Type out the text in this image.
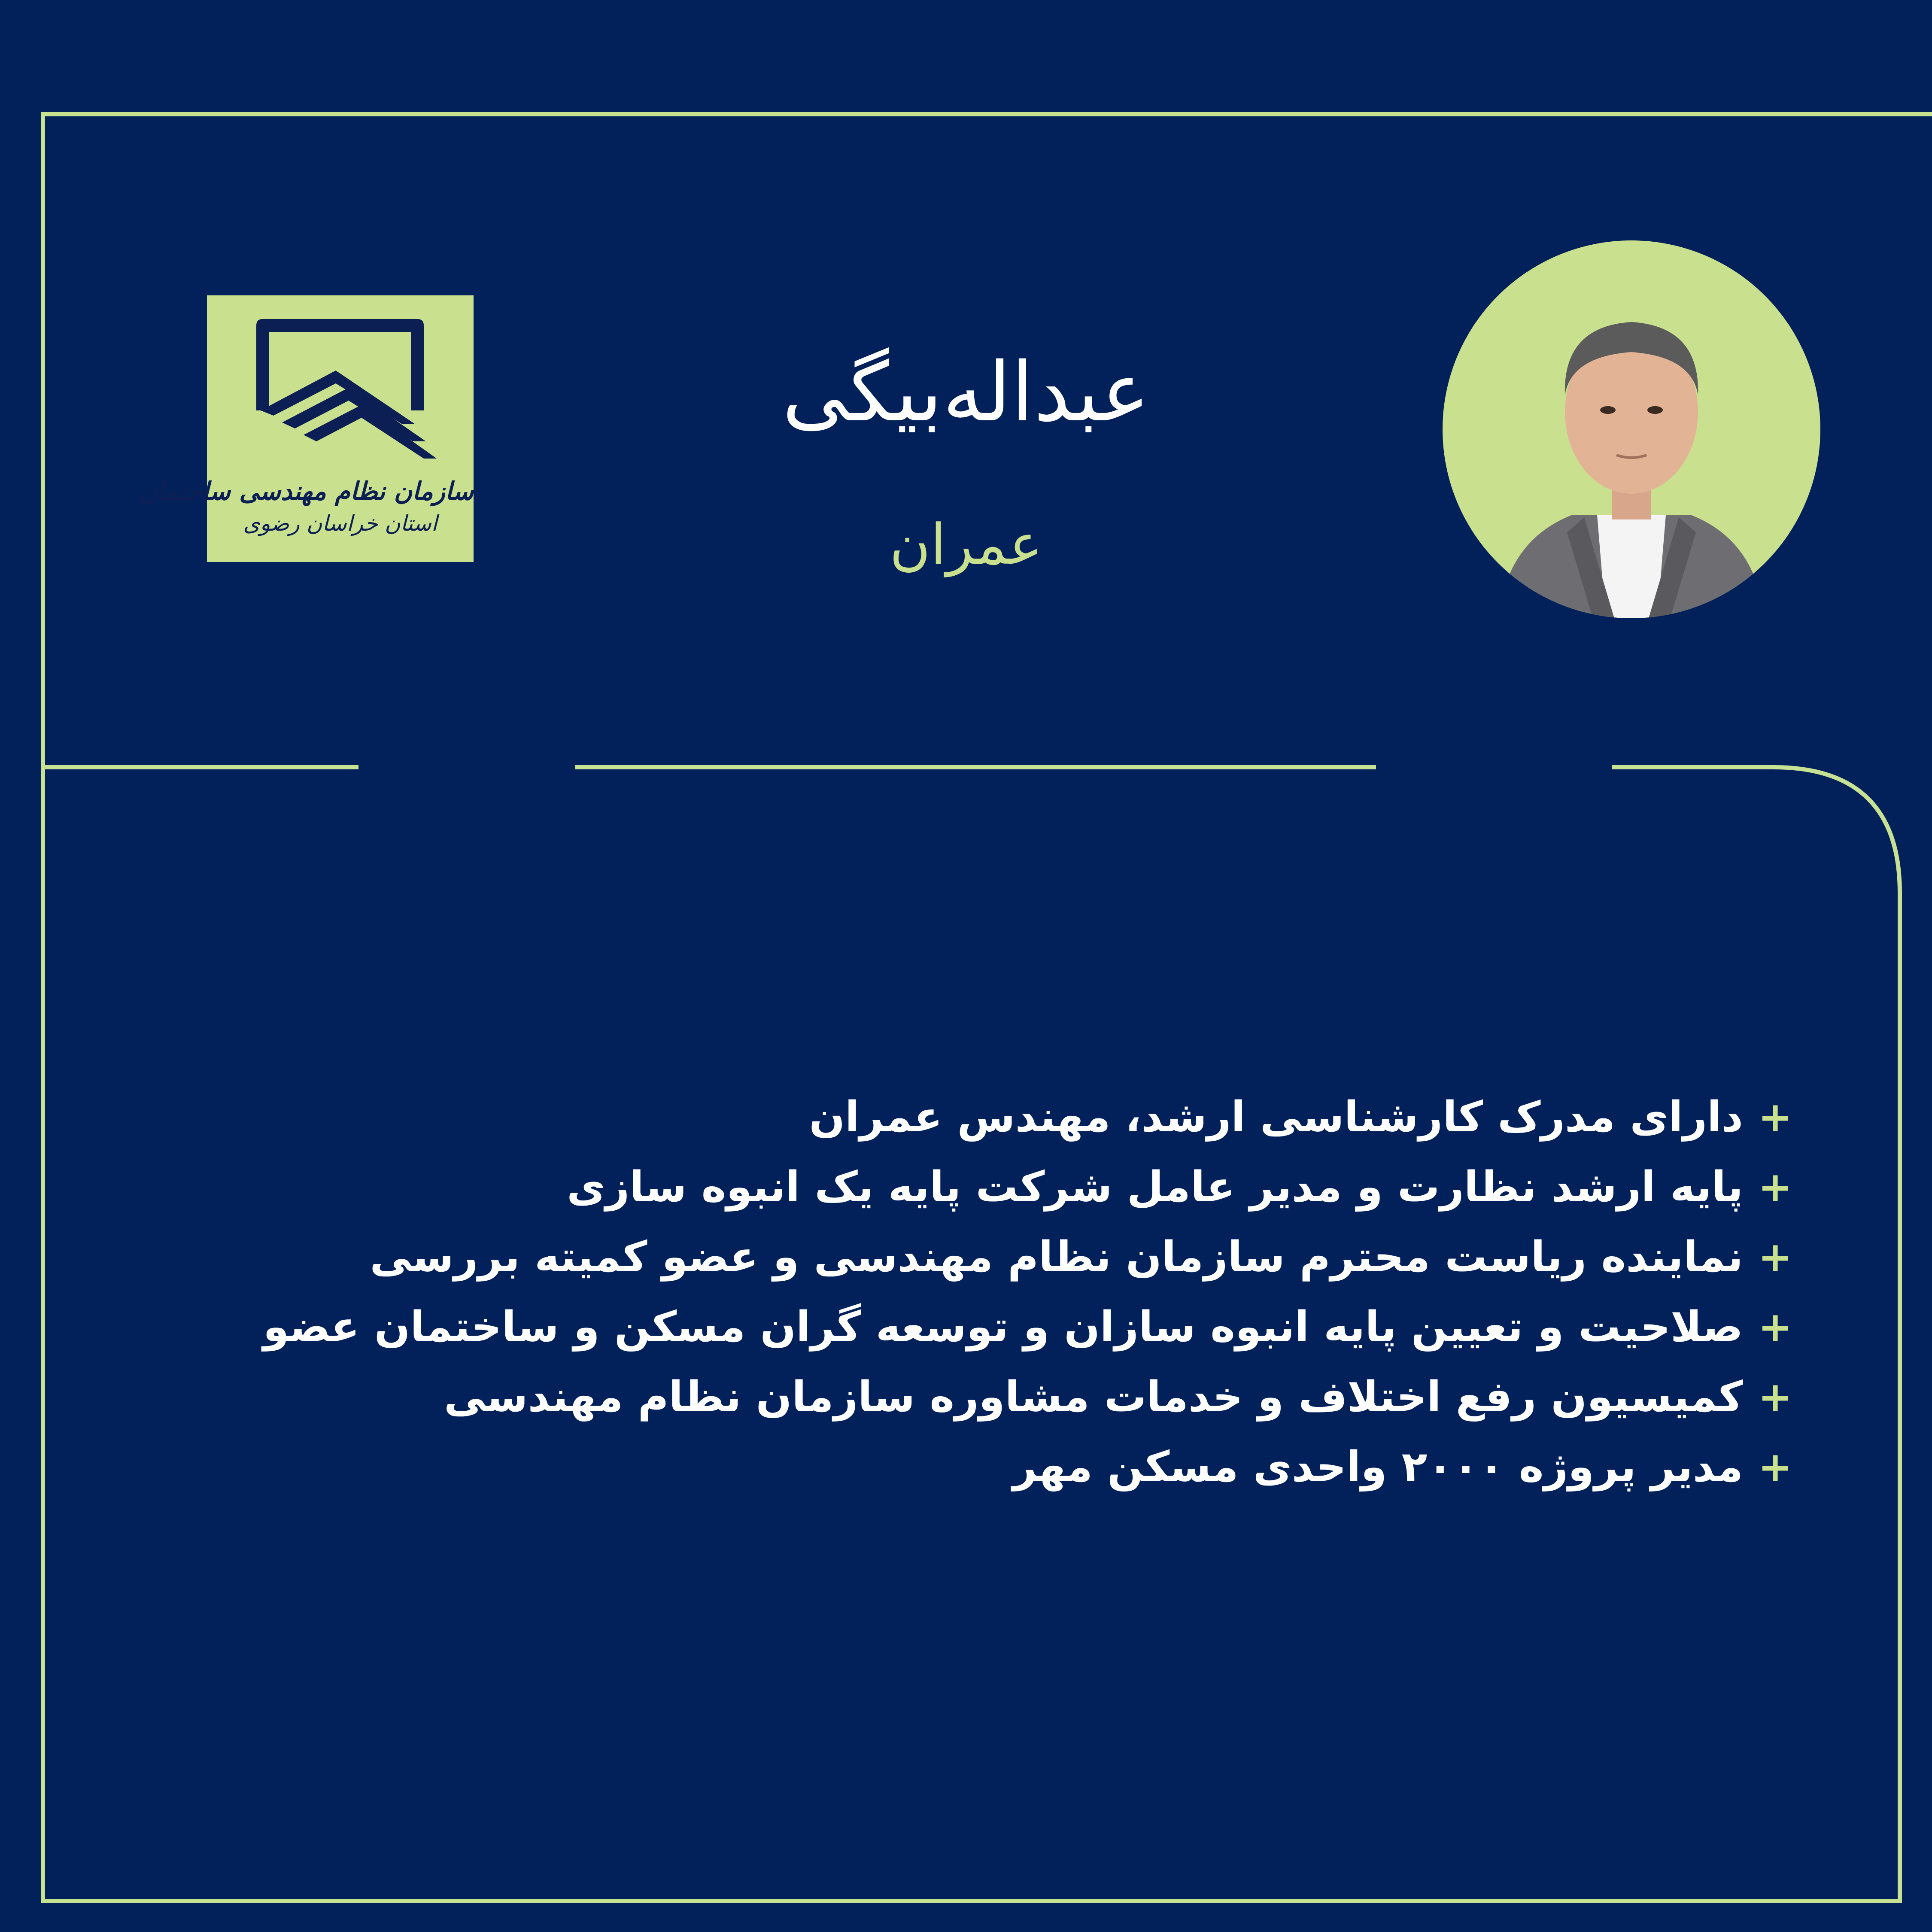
سازمان نظام مهندسی ساختمان
استان خراسان رضوی
عبداله‌بیگی
عمران
+
دارای مدرک کارشناسی ارشد، مهندس عمران
+
پایه ارشد نظارت و مدیر عامل شرکت پایه یک انبوه سازی
+
نماینده ریاست محترم سازمان نظام مهندسی و عضو کمیته بررسی
+
صلاحیت و تعیین پایه انبوه سازان و توسعه گران مسکن و ساختمان عضو
+
کمیسیون رفع اختلاف و خدمات مشاوره سازمان نظام مهندسی
+
مدیر پروژه ۲۰۰۰ واحدی مسکن مهر
